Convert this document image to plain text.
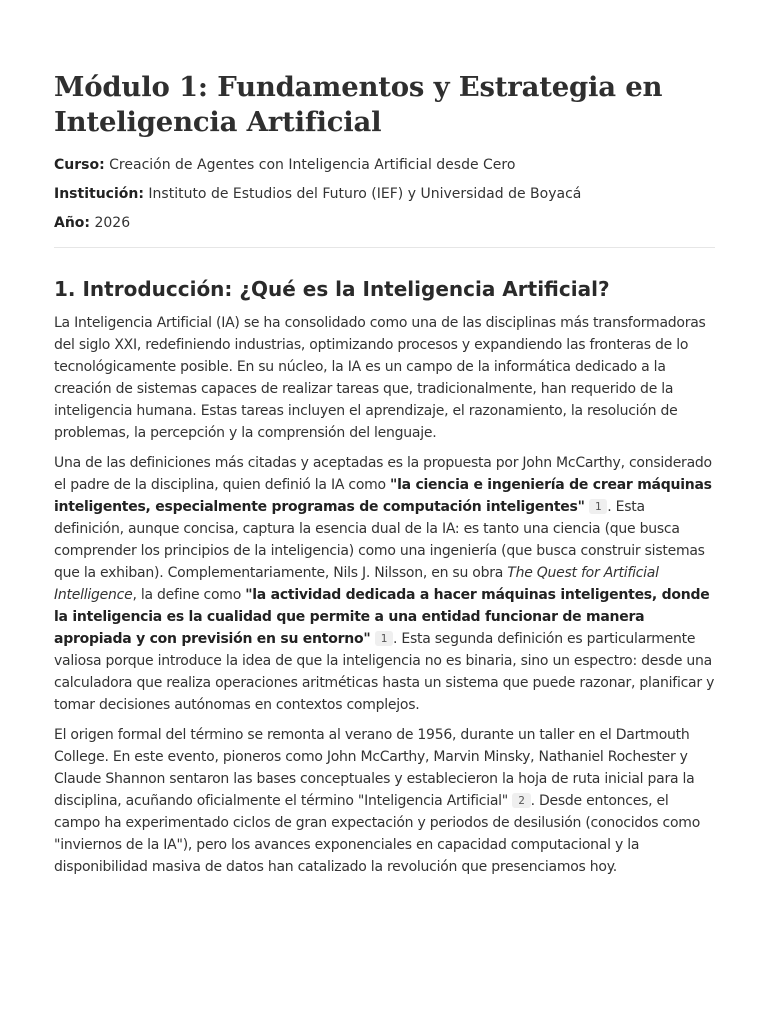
Módulo 1: Fundamentos y Estrategia en Inteligencia Artificial

Curso: Creación de Agentes con Inteligencia Artificial desde Cero

Institución: Instituto de Estudios del Futuro (IEF) y Universidad de Boyacá

Año: 2026

1. Introducción: ¿Qué es la Inteligencia Artificial?

La Inteligencia Artificial (IA) se ha consolidado como una de las disciplinas más transformadoras del siglo XXI, redefiniendo industrias, optimizando procesos y expandiendo las fronteras de lo tecnológicamente posible. En su núcleo, la IA es un campo de la informática dedicado a la creación de sistemas capaces de realizar tareas que, tradicionalmente, han requerido de la inteligencia humana. Estas tareas incluyen el aprendizaje, el razonamiento, la resolución de problemas, la percepción y la comprensión del lenguaje.

Una de las definiciones más citadas y aceptadas es la propuesta por John McCarthy, considerado el padre de la disciplina, quien definió la IA como "la ciencia e ingeniería de crear máquinas inteligentes, especialmente programas de computación inteligentes" 1 . Esta definición, aunque concisa, captura la esencia dual de la IA: es tanto una ciencia (que busca comprender los principios de la inteligencia) como una ingeniería (que busca construir sistemas que la exhiban). Complementariamente, Nils J. Nilsson, en su obra The Quest for Artificial Intelligence, la define como "la actividad dedicada a hacer máquinas inteligentes, donde la inteligencia es la cualidad que permite a una entidad funcionar de manera apropiada y con previsión en su entorno" 1 . Esta segunda definición es particularmente valiosa porque introduce la idea de que la inteligencia no es binaria, sino un espectro: desde una calculadora que realiza operaciones aritméticas hasta un sistema que puede razonar, planificar y tomar decisiones autónomas en contextos complejos.

El origen formal del término se remonta al verano de 1956, durante un taller en el Dartmouth College. En este evento, pioneros como John McCarthy, Marvin Minsky, Nathaniel Rochester y Claude Shannon sentaron las bases conceptuales y establecieron la hoja de ruta inicial para la disciplina, acuñando oficialmente el término "Inteligencia Artificial" 2 . Desde entonces, el campo ha experimentado ciclos de gran expectación y periodos de desilusión (conocidos como "inviernos de la IA"), pero los avances exponenciales en capacidad computacional y la disponibilidad masiva de datos han catalizado la revolución que presenciamos hoy.
